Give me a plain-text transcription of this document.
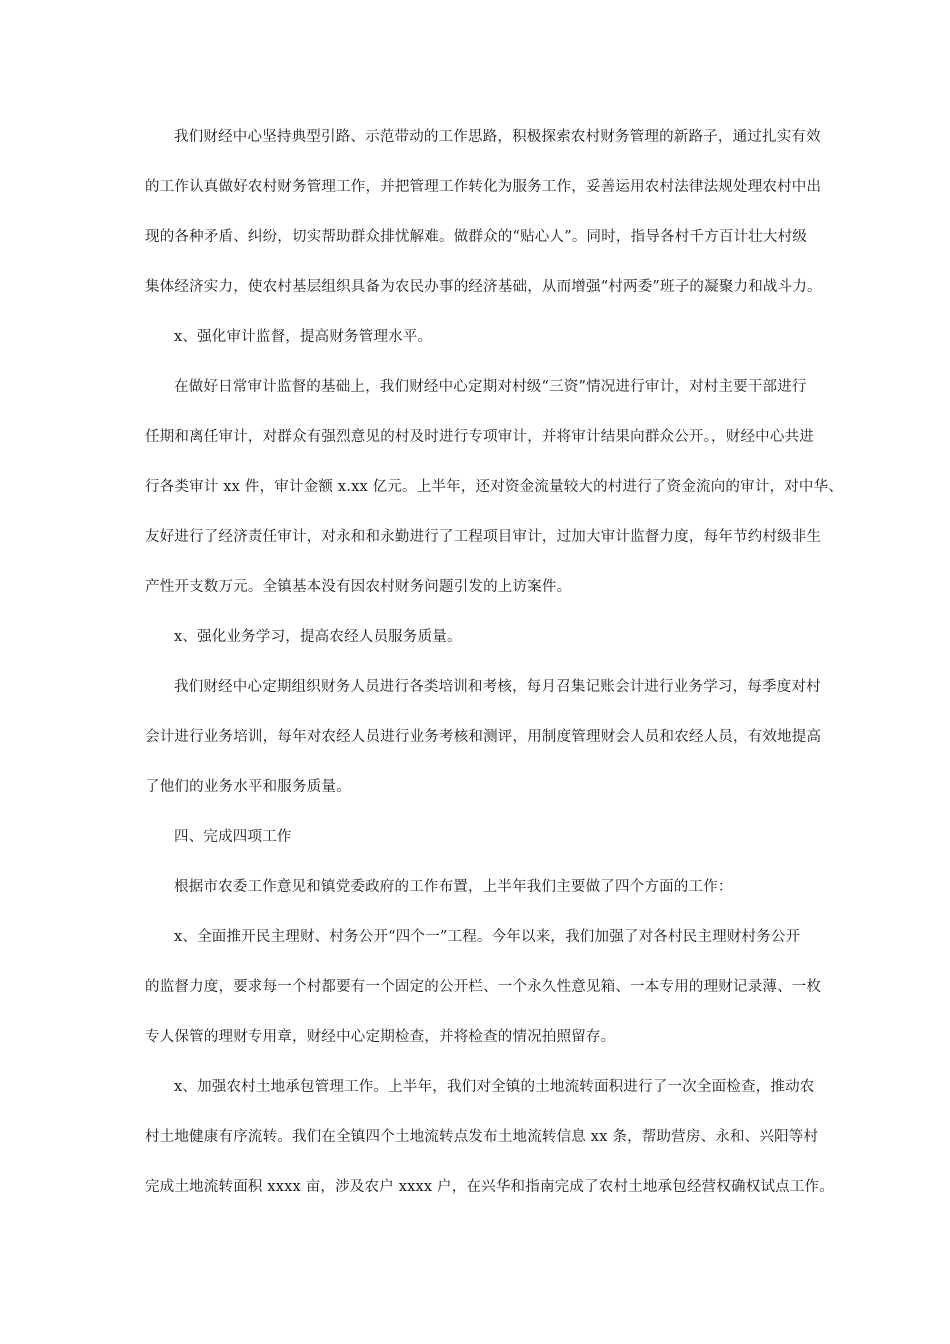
我们财经中心坚持典型引路、示范带动的工作思路，积极探索农村财务管理的新路子，通过扎实有效
的工作认真做好农村财务管理工作，并把管理工作转化为服务工作，妥善运用农村法律法规处理农村中出
现的各种矛盾、纠纷，切实帮助群众排忧解难。做群众的“贴心人”。同时，指导各村千方百计壮大村级
集体经济实力，使农村基层组织具备为农民办事的经济基础，从而增强“村两委”班子的凝聚力和战斗力。
x、强化审计监督，提高财务管理水平。
在做好日常审计监督的基础上，我们财经中心定期对村级“三资”情况进行审计，对村主要干部进行
任期和离任审计，对群众有强烈意见的村及时进行专项审计，并将审计结果向群众公开。，财经中心共进
行各类审计 xx 件，审计金额 x.xx 亿元。上半年，还对资金流量较大的村进行了资金流向的审计，对中华、
友好进行了经济责任审计，对永和和永勤进行了工程项目审计，过加大审计监督力度，每年节约村级非生
产性开支数万元。全镇基本没有因农村财务问题引发的上访案件。
x、强化业务学习，提高农经人员服务质量。
我们财经中心定期组织财务人员进行各类培训和考核，每月召集记账会计进行业务学习，每季度对村
会计进行业务培训，每年对农经人员进行业务考核和测评，用制度管理财会人员和农经人员，有效地提高
了他们的业务水平和服务质量。
四、完成四项工作
根据市农委工作意见和镇党委政府的工作布置，上半年我们主要做了四个方面的工作：
x、全面推开民主理财、村务公开“四个一”工程。今年以来，我们加强了对各村民主理财村务公开
的监督力度，要求每一个村都要有一个固定的公开栏、一个永久性意见箱、一本专用的理财记录薄、一枚
专人保管的理财专用章，财经中心定期检查，并将检查的情况拍照留存。
x、加强农村土地承包管理工作。上半年，我们对全镇的土地流转面积进行了一次全面检查，推动农
村土地健康有序流转。我们在全镇四个土地流转点发布土地流转信息 xx 条，帮助营房、永和、兴阳等村
完成土地流转面积 xxxx 亩，涉及农户 xxxx 户，在兴华和指南完成了农村土地承包经营权确权试点工作。
